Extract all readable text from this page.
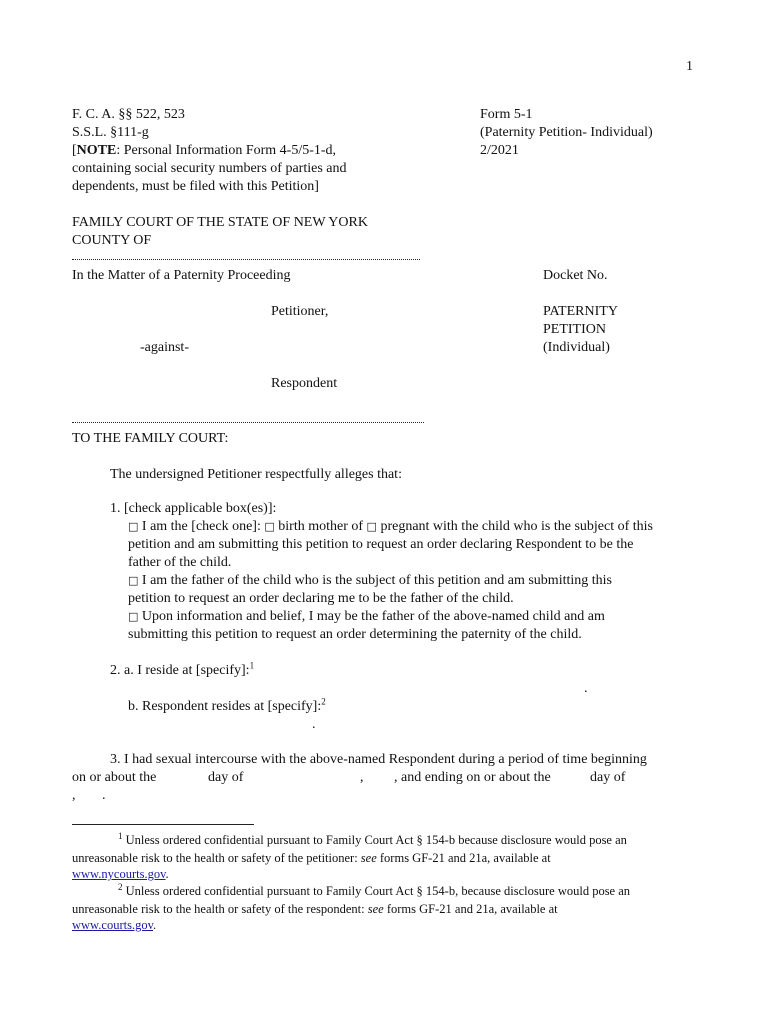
1
F. C. A. §§ 522, 523
S.S.L. §111-g
[NOTE: Personal Information Form 4-5/5-1-d,
containing social security numbers of parties and
dependents, must be filed with this Petition]
Form 5-1
(Paternity Petition- Individual)
2/2021
FAMILY COURT OF THE STATE OF NEW YORK
COUNTY OF
In the Matter of a Paternity Proceeding	Docket No.
Petitioner,	PATERNITY
PETITION
-against-	(Individual)
Respondent
TO THE FAMILY COURT:
The undersigned Petitioner respectfully alleges that:
1. [check applicable box(es)]:
□ I am the [check one]: □ birth mother of □ pregnant with the child who is the subject of this
petition and am submitting this petition to request an order declaring Respondent to be the
father of the child.
□ I am the father of the child who is the subject of this petition and am submitting this
petition to request an order declaring me to be the father of the child.
□ Upon information and belief, I may be the father of the above-named child and am
submitting this petition to request an order determining the paternity of the child.
2. a. I reside at [specify]:$^1$
.
b. Respondent resides at [specify]:$^2$
.
3. I had sexual intercourse with the above-named Respondent during a period of time beginning
on or about the	day of	, , and ending on or about the	day of
, .
$^1$ Unless ordered confidential pursuant to Family Court Act § 154-b because disclosure would pose an
unreasonable risk to the health or safety of the petitioner: see forms GF-21 and 21a, available at
www.nycourts.gov.
$^2$ Unless ordered confidential pursuant to Family Court Act § 154-b, because disclosure would pose an
unreasonable risk to the health or safety of the respondent: see forms GF-21 and 21a, available at
www.courts.gov.
